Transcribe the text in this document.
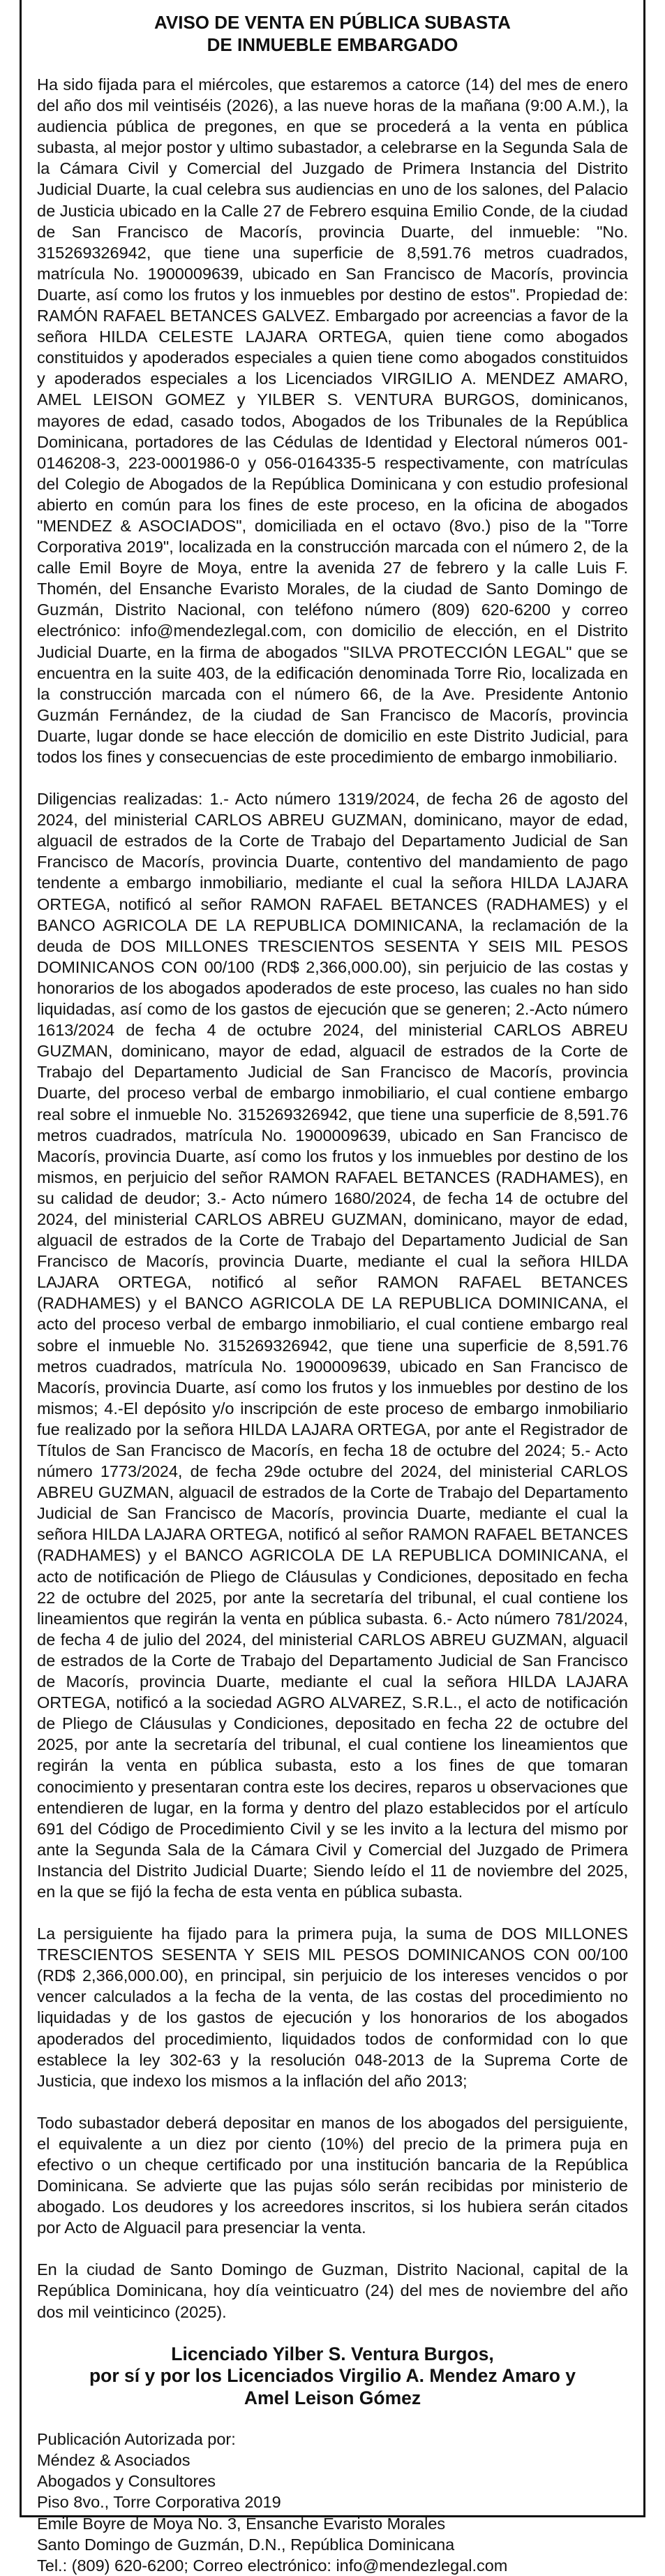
AVISO DE VENTA EN PÚBLICA SUBASTA
DE INMUEBLE EMBARGADO

Ha sido fijada para el miércoles, que estaremos a catorce (14) del mes de enero del año dos mil veintiséis (2026), a las nueve horas de la mañana (9:00 A.M.), la audiencia pública de pregones, en que se procederá a la venta en pública subasta, al mejor postor y ultimo subastador, a celebrarse en la Segunda Sala de la Cámara Civil y Comercial del Juzgado de Primera Instancia del Distrito Judicial Duarte, la cual celebra sus audiencias en uno de los salones, del Palacio de Justicia ubicado en la Calle 27 de Febrero esquina Emilio Conde, de la ciudad de San Francisco de Macorís, provincia Duarte, del inmueble: "No. 315269326942, que tiene una superficie de 8,591.76 metros cuadrados, matrícula No. 1900009639, ubicado en San Francisco de Macorís, provincia Duarte, así como los frutos y los inmuebles por destino de estos". Propiedad de: RAMÓN RAFAEL BETANCES GALVEZ. Embargado por acreencias a favor de la señora HILDA CELESTE LAJARA ORTEGA, quien tiene como abogados constituidos y apoderados especiales a quien tiene como abogados constituidos y apoderados especiales a los Licenciados VIRGILIO A. MENDEZ AMARO, AMEL LEISON GOMEZ y YILBER S. VENTURA BURGOS, dominicanos, mayores de edad, casado todos, Abogados de los Tribunales de la República Dominicana, portadores de las Cédulas de Identidad y Electoral números 001-0146208-3, 223-0001986-0 y 056-0164335-5 respectivamente, con matrículas del Colegio de Abogados de la República Dominicana y con estudio profesional abierto en común para los fines de este proceso, en la oficina de abogados "MENDEZ & ASOCIADOS", domiciliada en el octavo (8vo.) piso de la "Torre Corporativa 2019", localizada en la construcción marcada con el número 2, de la calle Emil Boyre de Moya, entre la avenida 27 de febrero y la calle Luis F. Thomén, del Ensanche Evaristo Morales, de la ciudad de Santo Domingo de Guzmán, Distrito Nacional, con teléfono número (809) 620-6200 y correo electrónico: info@mendezlegal.com, con domicilio de elección, en el Distrito Judicial Duarte, en la firma de abogados "SILVA PROTECCIÓN LEGAL" que se encuentra en la suite 403, de la edificación denominada Torre Rio, localizada en la construcción marcada con el número 66, de la Ave. Presidente Antonio Guzmán Fernández, de la ciudad de San Francisco de Macorís, provincia Duarte, lugar donde se hace elección de domicilio en este Distrito Judicial, para todos los fines y consecuencias de este procedimiento de embargo inmobiliario.

Diligencias realizadas: 1.- Acto número 1319/2024, de fecha 26 de agosto del 2024, del ministerial CARLOS ABREU GUZMAN, dominicano, mayor de edad, alguacil de estrados de la Corte de Trabajo del Departamento Judicial de San Francisco de Macorís, provincia Duarte, contentivo del mandamiento de pago tendente a embargo inmobiliario, mediante el cual la señora HILDA LAJARA ORTEGA, notificó al señor RAMON RAFAEL BETANCES (RADHAMES) y el BANCO AGRICOLA DE LA REPUBLICA DOMINICANA, la reclamación de la deuda de DOS MILLONES TRESCIENTOS SESENTA Y SEIS MIL PESOS DOMINICANOS CON 00/100 (RD$ 2,366,000.00), sin perjuicio de las costas y honorarios de los abogados apoderados de este proceso, las cuales no han sido liquidadas, así como de los gastos de ejecución que se generen; 2.-Acto número 1613/2024 de fecha 4 de octubre 2024, del ministerial CARLOS ABREU GUZMAN, dominicano, mayor de edad, alguacil de estrados de la Corte de Trabajo del Departamento Judicial de San Francisco de Macorís, provincia Duarte, del proceso verbal de embargo inmobiliario, el cual contiene embargo real sobre el inmueble No. 315269326942, que tiene una superficie de 8,591.76 metros cuadrados, matrícula No. 1900009639, ubicado en San Francisco de Macorís, provincia Duarte, así como los frutos y los inmuebles por destino de los mismos, en perjuicio del señor RAMON RAFAEL BETANCES (RADHAMES), en su calidad de deudor; 3.- Acto número 1680/2024, de fecha 14 de octubre del 2024, del ministerial CARLOS ABREU GUZMAN, dominicano, mayor de edad, alguacil de estrados de la Corte de Trabajo del Departamento Judicial de San Francisco de Macorís, provincia Duarte, mediante el cual la señora HILDA LAJARA ORTEGA, notificó al señor RAMON RAFAEL BETANCES (RADHAMES) y el BANCO AGRICOLA DE LA REPUBLICA DOMINICANA, el acto del proceso verbal de embargo inmobiliario, el cual contiene embargo real sobre el inmueble No. 315269326942, que tiene una superficie de 8,591.76 metros cuadrados, matrícula No. 1900009639, ubicado en San Francisco de Macorís, provincia Duarte, así como los frutos y los inmuebles por destino de los mismos; 4.-El depósito y/o inscripción de este proceso de embargo inmobiliario fue realizado por la señora HILDA LAJARA ORTEGA, por ante el Registrador de Títulos de San Francisco de Macorís, en fecha 18 de octubre del 2024; 5.- Acto número 1773/2024, de fecha 29de octubre del 2024, del ministerial CARLOS ABREU GUZMAN, alguacil de estrados de la Corte de Trabajo del Departamento Judicial de San Francisco de Macorís, provincia Duarte, mediante el cual la señora HILDA LAJARA ORTEGA, notificó al señor RAMON RAFAEL BETANCES (RADHAMES) y el BANCO AGRICOLA DE LA REPUBLICA DOMINICANA, el acto de notificación de Pliego de Cláusulas y Condiciones, depositado en fecha 22 de octubre del 2025, por ante la secretaría del tribunal, el cual contiene los lineamientos que regirán la venta en pública subasta. 6.- Acto número 781/2024, de fecha 4 de julio del 2024, del ministerial CARLOS ABREU GUZMAN, alguacil de estrados de la Corte de Trabajo del Departamento Judicial de San Francisco de Macorís, provincia Duarte, mediante el cual la señora HILDA LAJARA ORTEGA, notificó a la sociedad AGRO ALVAREZ, S.R.L., el acto de notificación de Pliego de Cláusulas y Condiciones, depositado en fecha 22 de octubre del 2025, por ante la secretaría del tribunal, el cual contiene los lineamientos que regirán la venta en pública subasta, esto a los fines de que tomaran conocimiento y presentaran contra este los decires, reparos u observaciones que entendieren de lugar, en la forma y dentro del plazo establecidos por el artículo 691 del Código de Procedimiento Civil y se les invito a la lectura del mismo por ante la Segunda Sala de la Cámara Civil y Comercial del Juzgado de Primera Instancia del Distrito Judicial Duarte; Siendo leído el 11 de noviembre del 2025, en la que se fijó la fecha de esta venta en pública subasta.

La persiguiente ha fijado para la primera puja, la suma de DOS MILLONES TRESCIENTOS SESENTA Y SEIS MIL PESOS DOMINICANOS CON 00/100 (RD$ 2,366,000.00), en principal, sin perjuicio de los intereses vencidos o por vencer calculados a la fecha de la venta, de las costas del procedimiento no liquidadas y de los gastos de ejecución y los honorarios de los abogados apoderados del procedimiento, liquidados todos de conformidad con lo que establece la ley 302-63 y la resolución 048-2013 de la Suprema Corte de Justicia, que indexo los mismos a la inflación del año 2013;

Todo subastador deberá depositar en manos de los abogados del persiguiente, el equivalente a un diez por ciento (10%) del precio de la primera puja en efectivo o un cheque certificado por una institución bancaria de la República Dominicana. Se advierte que las pujas sólo serán recibidas por ministerio de abogado. Los deudores y los acreedores inscritos, si los hubiera serán citados por Acto de Alguacil para presenciar la venta.

En la ciudad de Santo Domingo de Guzman, Distrito Nacional, capital de la República Dominicana, hoy día veinticuatro (24) del mes de noviembre del año dos mil veinticinco (2025).

Licenciado Yilber S. Ventura Burgos,
por sí y por los Licenciados Virgilio A. Mendez Amaro y
Amel Leison Gómez
Publicación Autorizada por:
Méndez & Asociados
Abogados y Consultores
Piso 8vo., Torre Corporativa 2019
Emile Boyre de Moya No. 3, Ensanche Evaristo Morales
Santo Domingo de Guzmán, D.N., República Dominicana
Tel.: (809) 620-6200; Correo electrónico: info@mendezlegal.com
